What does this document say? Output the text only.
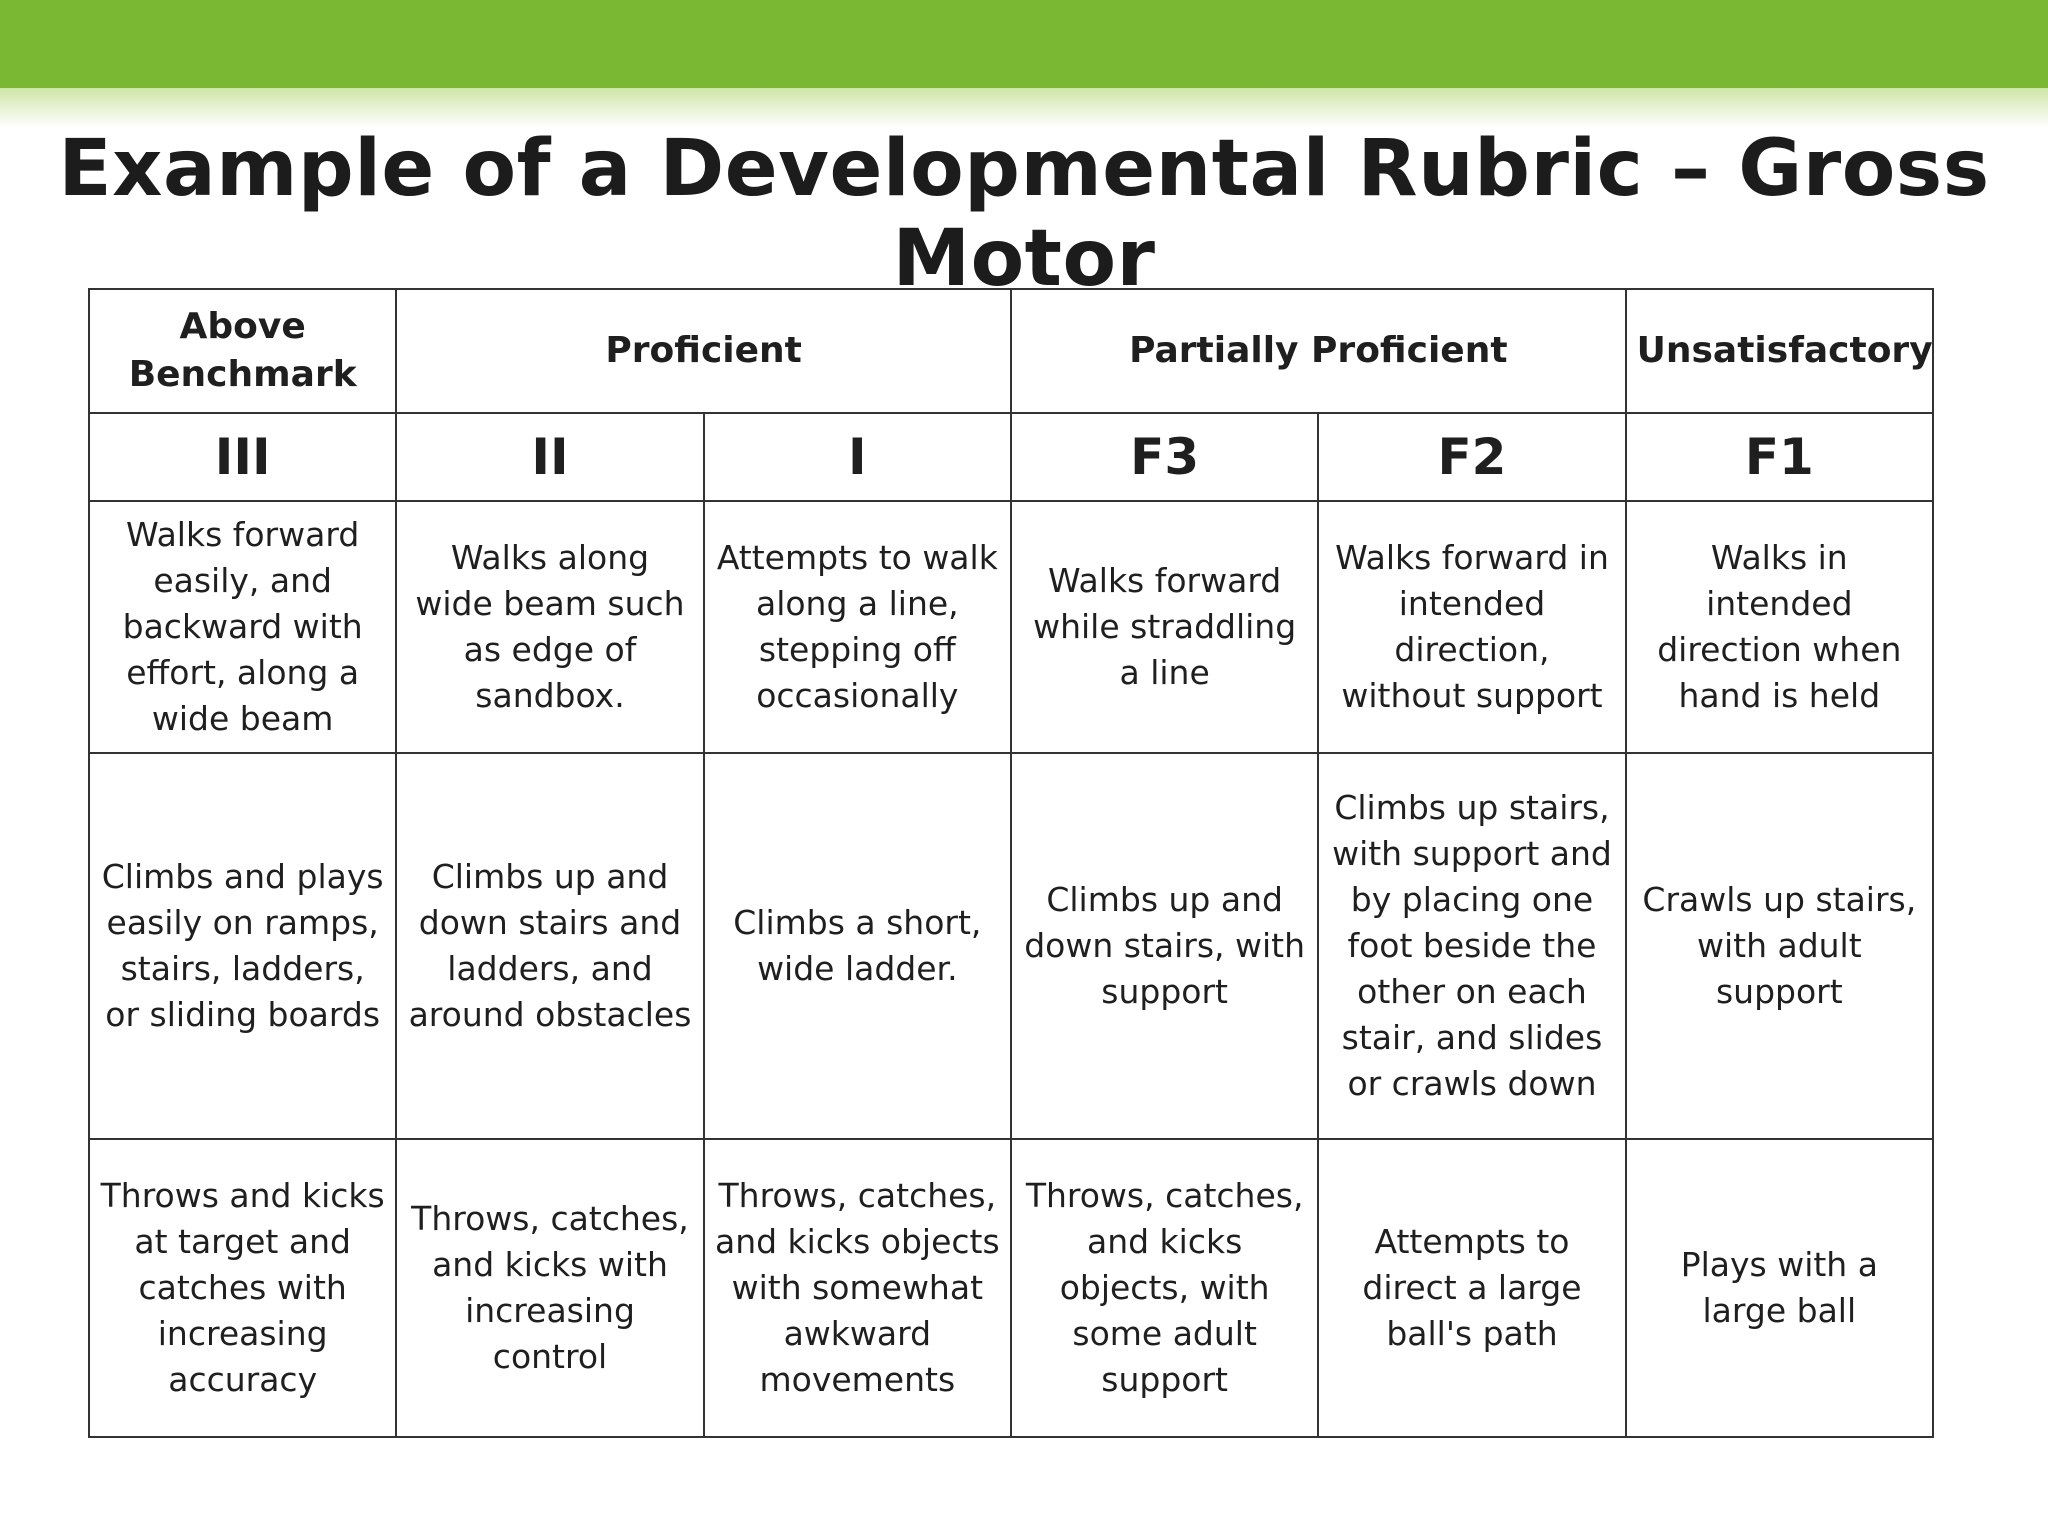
Example of a Developmental Rubric – Gross Motor
Above Benchmark	Proficient		Partially Proficient		Unsatisfactory
III	II	I	F3	F2	F1
Walks forward easily, and backward with effort, along a wide beam	Walks along wide beam such as edge of sandbox.	Attempts to walk along a line, stepping off occasionally	Walks forward while straddling a line	Walks forward in intended direction, without support	Walks in intended direction when hand is held
Climbs and plays easily on ramps, stairs, ladders, or sliding boards	Climbs up and down stairs and ladders, and around obstacles	Climbs a short, wide ladder.	Climbs up and down stairs, with support	Climbs up stairs, with support and by placing one foot beside the other on each stair, and slides or crawls down	Crawls up stairs, with adult support
Throws and kicks at target and catches with increasing accuracy	Throws, catches, and kicks with increasing control	Throws, catches, and kicks objects with somewhat awkward movements	Throws, catches, and kicks objects, with some adult support	Attempts to direct a large ball's path	Plays with a large ball
